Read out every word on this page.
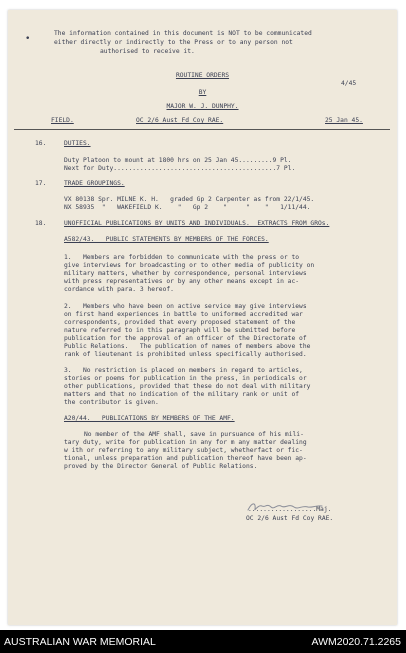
•
The information contained in this document is NOT to be communicated
either directly or indirectly to the Press or to any person not
authorised to receive it.
ROUTINE ORDERS
4/45
BY
MAJOR W. J. DUNPHY.
FIELD.	OC 2/6 Aust Fd Coy RAE.	25 Jan 45.
16.	DUTIES.
Duty Platoon to mount at 1800 hrs on 25 Jan 45.........9 Pl.
Next for Duty...........................................7 Pl.
17.	TRADE GROUPINGS.
VX 80138 Spr. MILNE K. H.   graded Gp 2 Carpenter as from 22/1/45.
NX 58935  "   WAKEFIELD K.    "   Gp 2    "     "    "   1/11/44.
18.	UNOFFICIAL PUBLICATIONS BY UNITS AND INDIVIDUALS.  EXTRACTS FROM GROs.
A582/43.   PUBLIC STATEMENTS BY MEMBERS OF THE FORCES.
1.   Members are forbidden to communicate with the press or to
give interviews for broadcasting or to other media of publicity on
military matters, whether by correspondence, personal interviews
with press representatives or by any other means except in ac-
cordance with para. 3 hereof.
2.   Members who have been on active service may give interviews
on first hand experiences in battle to uniformed accredited war
correspondents, provided that every proposed statement of the
nature referred to in this paragraph will be submitted before
publication for the approval of an officer of the Directorate of
Public Relations.   The publication of names of members above the
rank of lieutenant is prohibited unless specifically authorised.
3.   No restriction is placed on members in regard to articles,
stories or poems for publication in the press, in periodicals or
other publications, provided that these do not deal with military
matters and that no indication of the military rank or unit of
the contributor is given.
A20/44.   PUBLICATIONS BY MEMBERS OF THE AMF.
No member of the AMF shall, save in pursuance of his mili-
tary duty, write for publication in any for m any matter dealing
w ith or referring to any military subject, whetherfact or fic-
tional, unless preparation and publication thereof have been ap-
proved by the Director General of Public Relations.
..................Maj.
OC 2/6 Aust Fd Coy RAE.
AUSTRALIAN WAR MEMORIAL	AWM2020.71.2265
